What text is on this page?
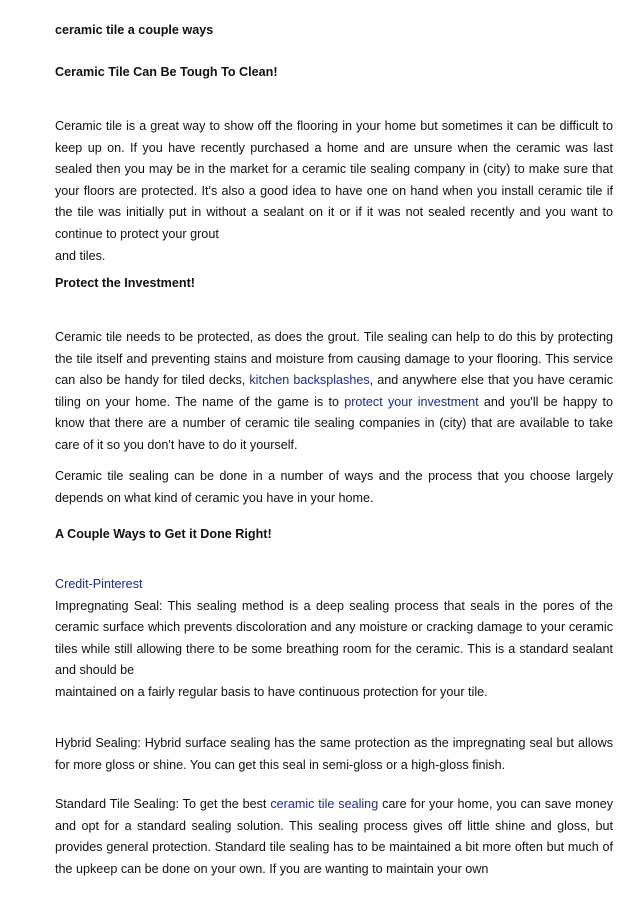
ceramic tile a couple ways
Ceramic Tile Can Be Tough To Clean!
Ceramic tile is a great way to show off the flooring in your home but sometimes it can be difficult to keep up on. If you have recently purchased a home and are unsure when the ceramic was last sealed then you may be in the market for a ceramic tile sealing company in (city) to make sure that your floors are protected. It's also a good idea to have one on hand when you install ceramic tile if the tile was initially put in without a sealant on it or if it was not sealed recently and you want to continue to protect your grout
and tiles.
Protect the Investment!
Ceramic tile needs to be protected, as does the grout. Tile sealing can help to do this by protecting the tile itself and preventing stains and moisture from causing damage to your flooring. This service can also be handy for tiled decks, kitchen backsplashes, and anywhere else that you have ceramic tiling on your home. The name of the game is to protect your investment and you'll be happy to know that there are a number of ceramic tile sealing companies in (city) that are available to take care of it so you don't have to do it yourself.
Ceramic tile sealing can be done in a number of ways and the process that you choose largely depends on what kind of ceramic you have in your home.
A Couple Ways to Get it Done Right!
Credit-Pinterest
Impregnating Seal: This sealing method is a deep sealing process that seals in the pores of the ceramic surface which prevents discoloration and any moisture or cracking damage to your ceramic tiles while still allowing there to be some breathing room for the ceramic. This is a standard sealant and should be
maintained on a fairly regular basis to have continuous protection for your tile.
Hybrid Sealing: Hybrid surface sealing has the same protection as the impregnating seal but allows for more gloss or shine. You can get this seal in semi-gloss or a high-gloss finish.
Standard Tile Sealing: To get the best ceramic tile sealing care for your home, you can save money and opt for a standard sealing solution. This sealing process gives off little shine and gloss, but provides general protection. Standard tile sealing has to be maintained a bit more often but much of the upkeep can be done on your own. If you are wanting to maintain your own
